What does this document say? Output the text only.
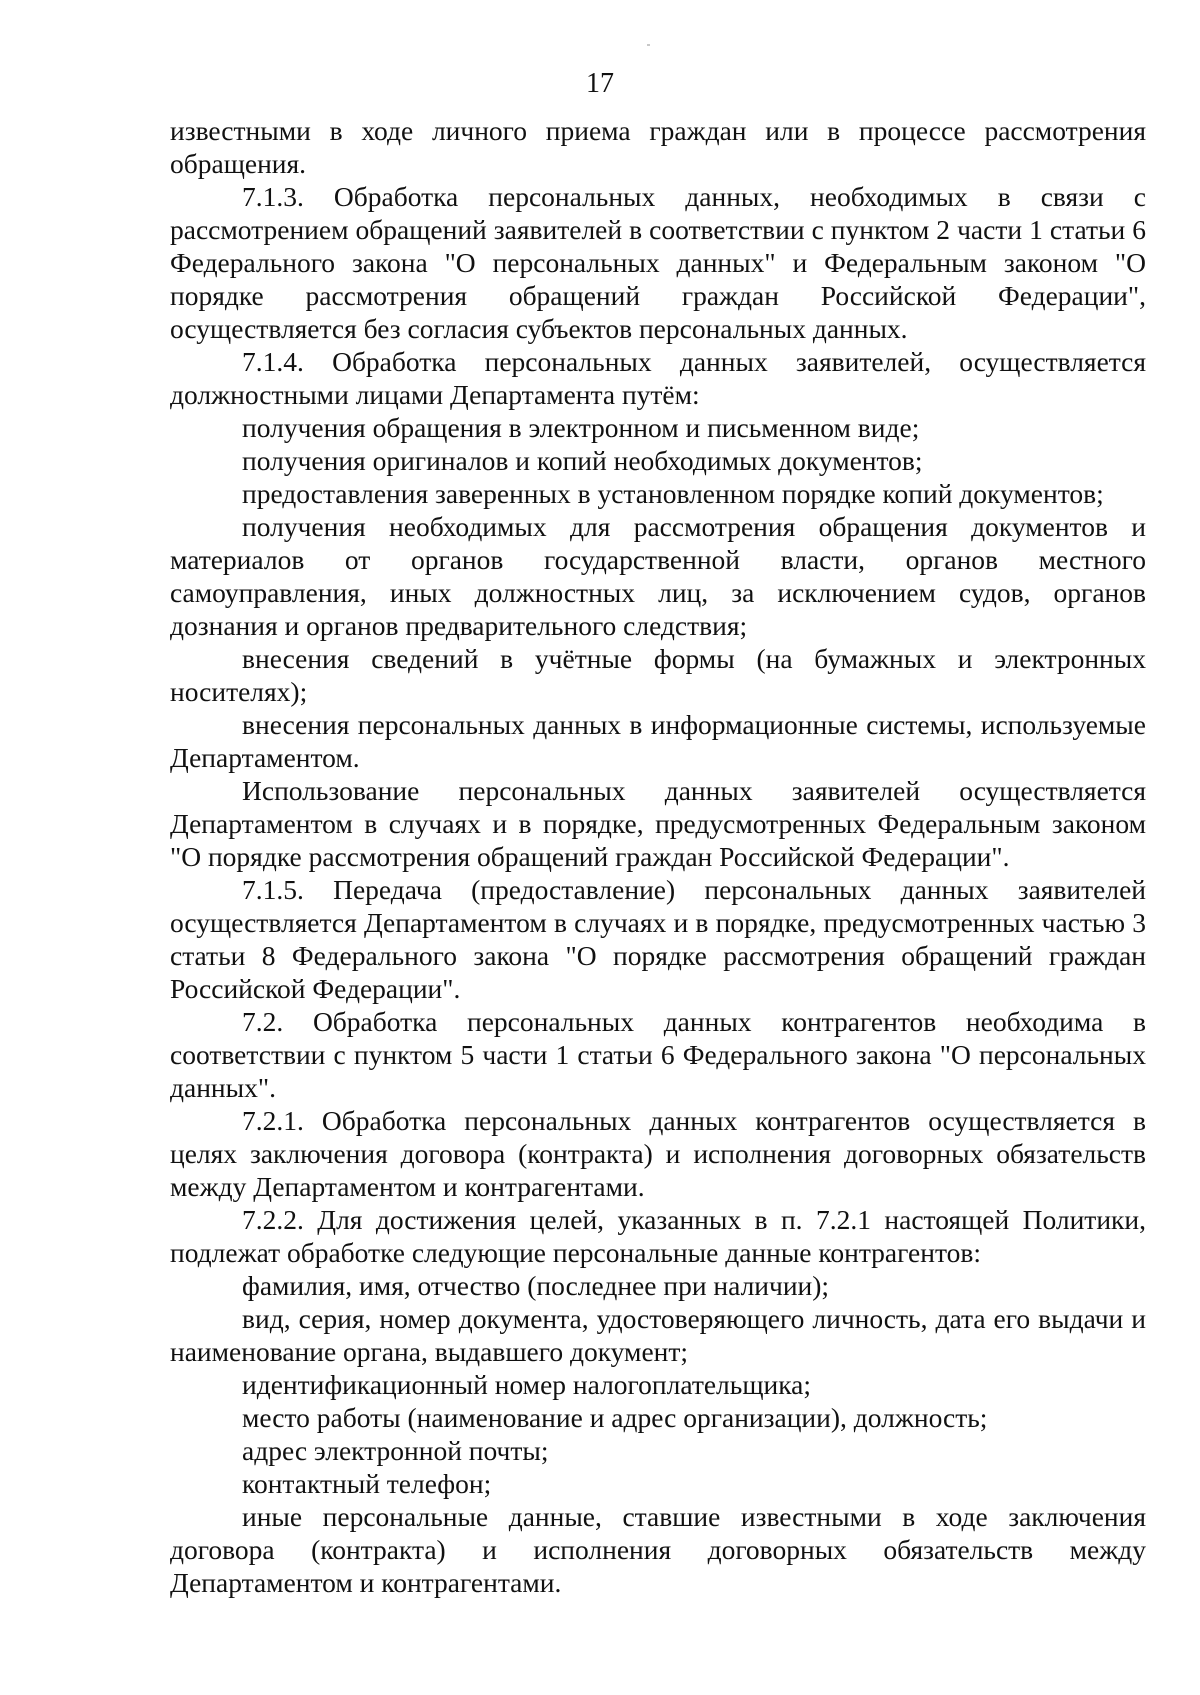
17

известными в ходе личного приема граждан или в процессе рассмотрения обращения.

7.1.3. Обработка персональных данных, необходимых в связи с рассмотрением обращений заявителей в соответствии с пунктом 2 части 1 статьи 6 Федерального закона "О персональных данных" и Федеральным законом "О порядке рассмотрения обращений граждан Российской Федерации", осуществляется без согласия субъектов персональных данных.

7.1.4. Обработка персональных данных заявителей, осуществляется должностными лицами Департамента путём:

получения обращения в электронном и письменном виде;

получения оригиналов и копий необходимых документов;

предоставления заверенных в установленном порядке копий документов;

получения необходимых для рассмотрения обращения документов и материалов от органов государственной власти, органов местного самоуправления, иных должностных лиц, за исключением судов, органов дознания и органов предварительного следствия;

внесения сведений в учётные формы (на бумажных и электронных носителях);

внесения персональных данных в информационные системы, используемые Департаментом.

Использование персональных данных заявителей осуществляется Департаментом в случаях и в порядке, предусмотренных Федеральным законом "О порядке рассмотрения обращений граждан Российской Федерации".

7.1.5. Передача (предоставление) персональных данных заявителей осуществляется Департаментом в случаях и в порядке, предусмотренных частью 3 статьи 8 Федерального закона "О порядке рассмотрения обращений граждан Российской Федерации".

7.2. Обработка персональных данных контрагентов необходима в соответствии с пунктом 5 части 1 статьи 6 Федерального закона "О персональных данных".

7.2.1. Обработка персональных данных контрагентов осуществляется в целях заключения договора (контракта) и исполнения договорных обязательств между Департаментом и контрагентами.

7.2.2. Для достижения целей, указанных в п. 7.2.1 настоящей Политики, подлежат обработке следующие персональные данные контрагентов:

фамилия, имя, отчество (последнее при наличии);

вид, серия, номер документа, удостоверяющего личность, дата его выдачи и наименование органа, выдавшего документ;

идентификационный номер налогоплательщика;

место работы (наименование и адрес организации), должность;

адрес электронной почты;

контактный телефон;

иные персональные данные, ставшие известными в ходе заключения договора (контракта) и исполнения договорных обязательств между Департаментом и контрагентами.
